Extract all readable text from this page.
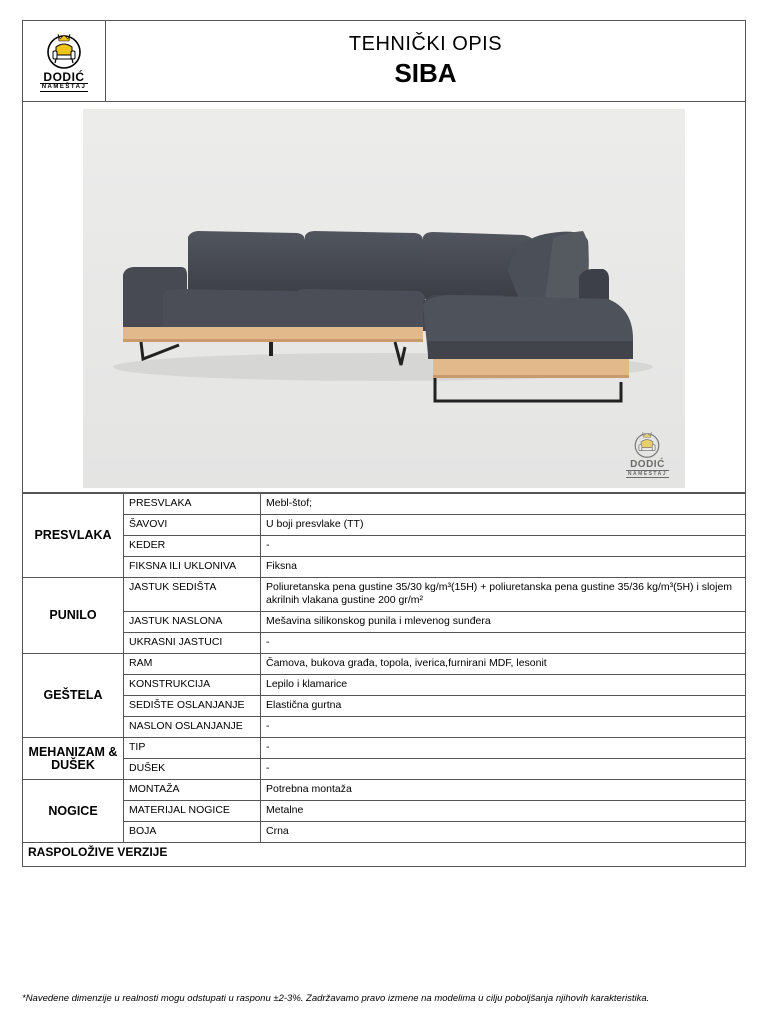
DODIĆ
NAMEŠTAJ
TEHNIČKI OPIS
SIBA
DODIĆ
NAMEŠTAJ
PRESVLAKA	PRESVLAKA	Mebl-štof;
	ŠAVOVI	U boji presvlake (TT)
	KEDER	-
	FIKSNA ILI UKLONIVA	Fiksna
PUNILO	JASTUK SEDIŠTA	Poliuretanska pena gustine 35/30 kg/m³(15H) + poliuretanska pena gustine 35/36 kg/m³(5H) i slojem akrilnih vlakana gustine 200 gr/m²
	JASTUK NASLONA	Mešavina silikonskog punila i mlevenog sunđera
	UKRASNI JASTUCI	-
GEŠTELA	RAM	Čamova, bukova građa, topola, iverica,furnirani MDF, lesonit
	KONSTRUKCIJA	Lepilo i klamarice
	SEDIŠTE OSLANJANJE	Elastična gurtna
	NASLON OSLANJANJE	-
MEHANIZAM & DUŠEK	TIP	-
	DUŠEK	-
NOGICE	MONTAŽA	Potrebna montaža
	MATERIJAL NOGICE	Metalne
	BOJA	Crna
RASPOLOŽIVE VERZIJE		
*Navedene dimenzije u realnosti mogu odstupati u rasponu ±2-3%. Zadržavamo pravo izmene na modelima u cilju poboljšanja njihovih karakteristika.
